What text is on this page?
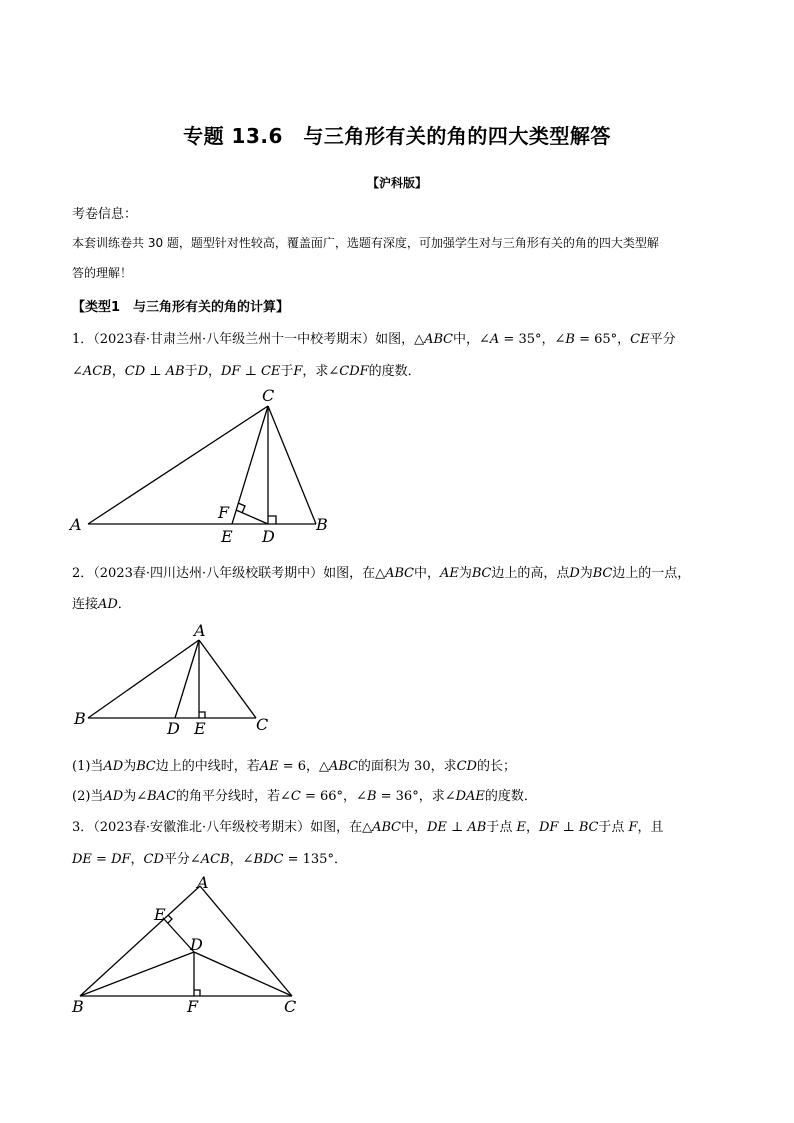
专题 13.6　与三角形有关的角的四大类型解答
【沪科版】
考卷信息：
本套训练卷共 30 题，题型针对性较高，覆盖面广，选题有深度，可加强学生对与三角形有关的角的四大类型解
答的理解！
【类型1　与三角形有关的角的计算】
1．（2023春·甘肃兰州·八年级兰州十一中校考期末）如图，△𝐴𝐵𝐶中，∠𝐴 = 35°，∠𝐵 = 65°，𝐶𝐸平分
∠𝐴𝐶𝐵，𝐶𝐷 ⊥ 𝐴𝐵于𝐷，𝐷𝐹 ⊥ 𝐶𝐸于𝐹，求∠𝐶𝐷𝐹的度数．
C
A	B
F
E D
2．（2023春·四川达州·八年级校联考期中）如图，在△𝐴𝐵𝐶中，𝐴𝐸为𝐵𝐶边上的高，点𝐷为𝐵𝐶边上的一点，
连接𝐴𝐷．
A
B	C
D E
(1)当𝐴𝐷为𝐵𝐶边上的中线时，若𝐴𝐸 = 6，△𝐴𝐵𝐶的面积为 30，求𝐶𝐷的长；
(2)当𝐴𝐷为∠𝐵𝐴𝐶的角平分线时，若∠𝐶 = 66°，∠𝐵 = 36°，求∠𝐷𝐴𝐸的度数．
3．（2023春·安徽淮北·八年级校考期末）如图，在△𝐴𝐵𝐶中，𝐷𝐸 ⊥ 𝐴𝐵于点 𝐸，𝐷𝐹 ⊥ 𝐵𝐶于点 𝐹，且
𝐷𝐸 = 𝐷𝐹，𝐶𝐷平分∠𝐴𝐶𝐵，∠𝐵𝐷𝐶 = 135°．
A
E
D
B	F	C
